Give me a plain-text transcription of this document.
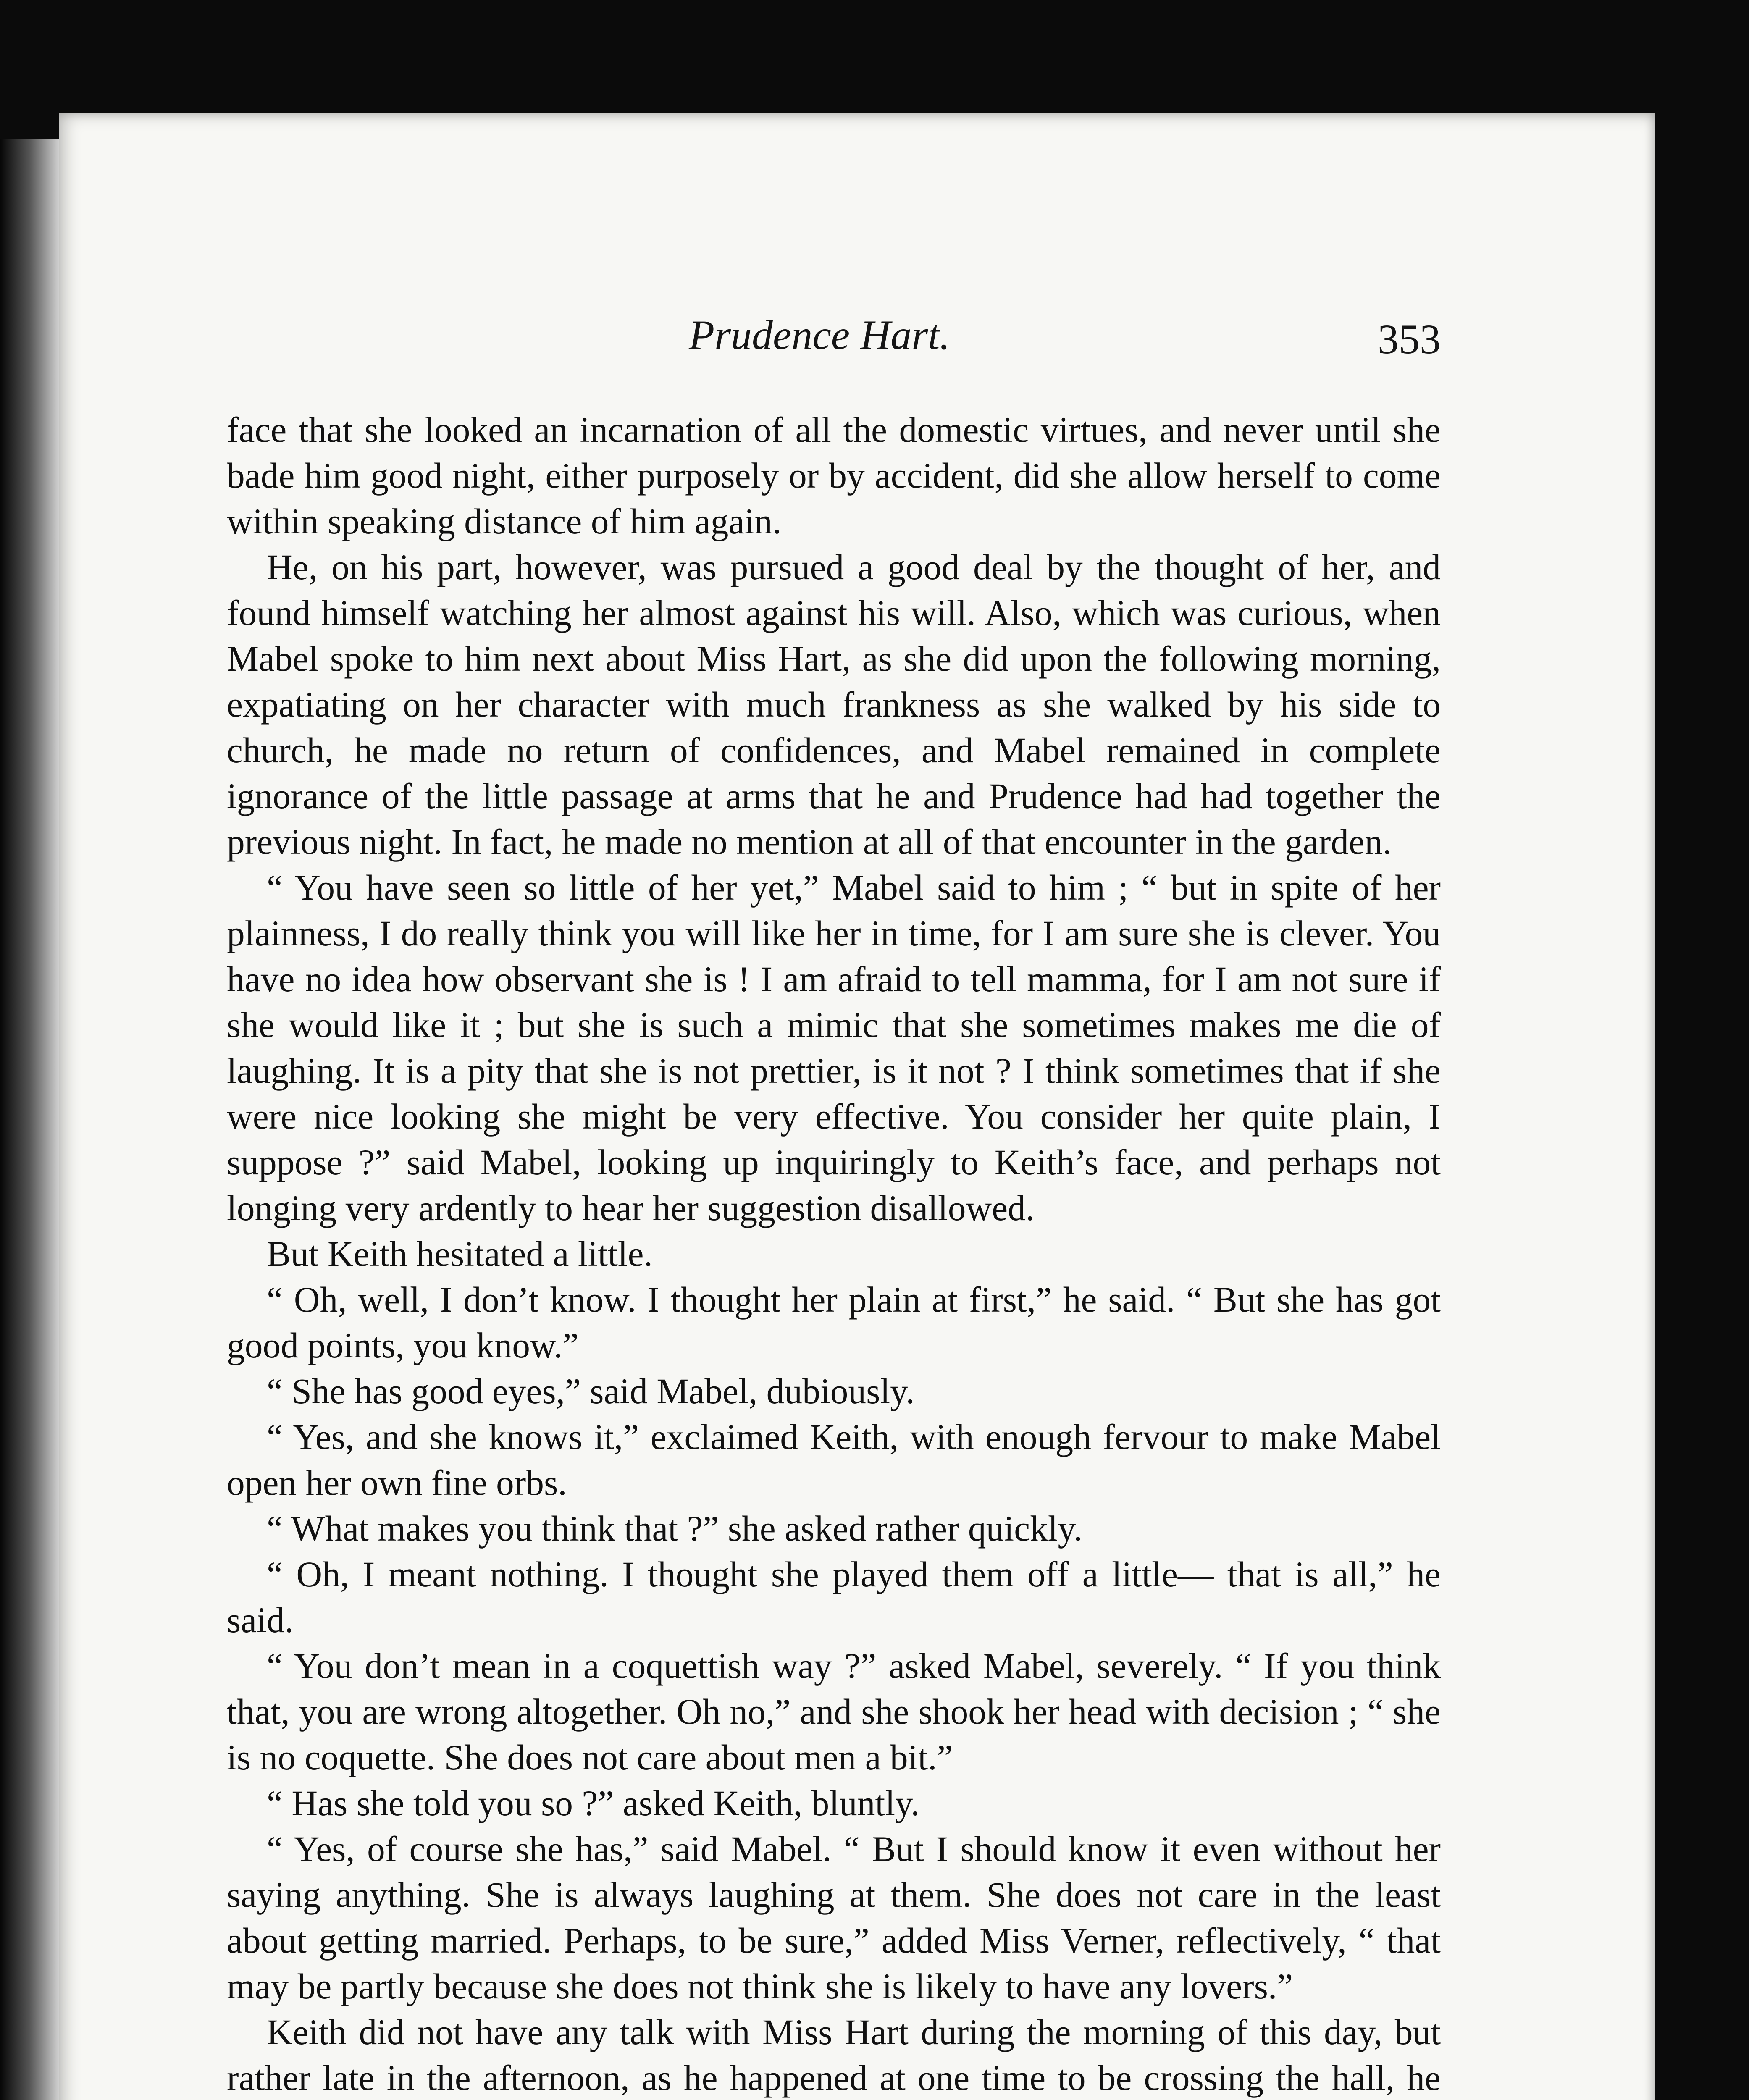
Prudence Hart.	353

face that she looked an incarnation of all the domestic virtues, and never until she bade him good night, either purposely or by accident, did she allow herself to come within speaking distance of him again.

He, on his part, however, was pursued a good deal by the thought of her, and found himself watching her almost against his will. Also, which was curious, when Mabel spoke to him next about Miss Hart, as she did upon the following morning, expatiating on her character with much frankness as she walked by his side to church, he made no return of confidences, and Mabel remained in complete ignorance of the little passage at arms that he and Prudence had had together the previous night. In fact, he made no mention at all of that encounter in the garden.

“ You have seen so little of her yet,” Mabel said to him ; “ but in spite of her plainness, I do really think you will like her in time, for I am sure she is clever. You have no idea how observant she is ! I am afraid to tell mamma, for I am not sure if she would like it ; but she is such a mimic that she sometimes makes me die of laughing. It is a pity that she is not prettier, is it not ? I think sometimes that if she were nice looking she might be very effective. You consider her quite plain, I suppose ?” said Mabel, looking up inquiringly to Keith’s face, and perhaps not longing very ardently to hear her suggestion disallowed.

But Keith hesitated a little.

“ Oh, well, I don’t know. I thought her plain at first,” he said. “ But she has got good points, you know.”

“ She has good eyes,” said Mabel, dubiously.

“ Yes, and she knows it,” exclaimed Keith, with enough fervour to make Mabel open her own fine orbs.

“ What makes you think that ?” she asked rather quickly.

“ Oh, I meant nothing. I thought she played them off a little— that is all,” he said.

“ You don’t mean in a coquettish way ?” asked Mabel, severely. “ If you think that, you are wrong altogether. Oh no,” and she shook her head with decision ; “ she is no coquette. She does not care about men a bit.”

“ Has she told you so ?” asked Keith, bluntly.

“ Yes, of course she has,” said Mabel. “ But I should know it even without her saying anything. She is always laughing at them. She does not care in the least about getting married. Perhaps, to be sure,” added Miss Verner, reflectively, “ that may be partly because she does not think she is likely to have any lovers.”

Keith did not have any talk with Miss Hart during the morning of this day, but rather late in the afternoon, as he happened at one time to be crossing the hall, he
